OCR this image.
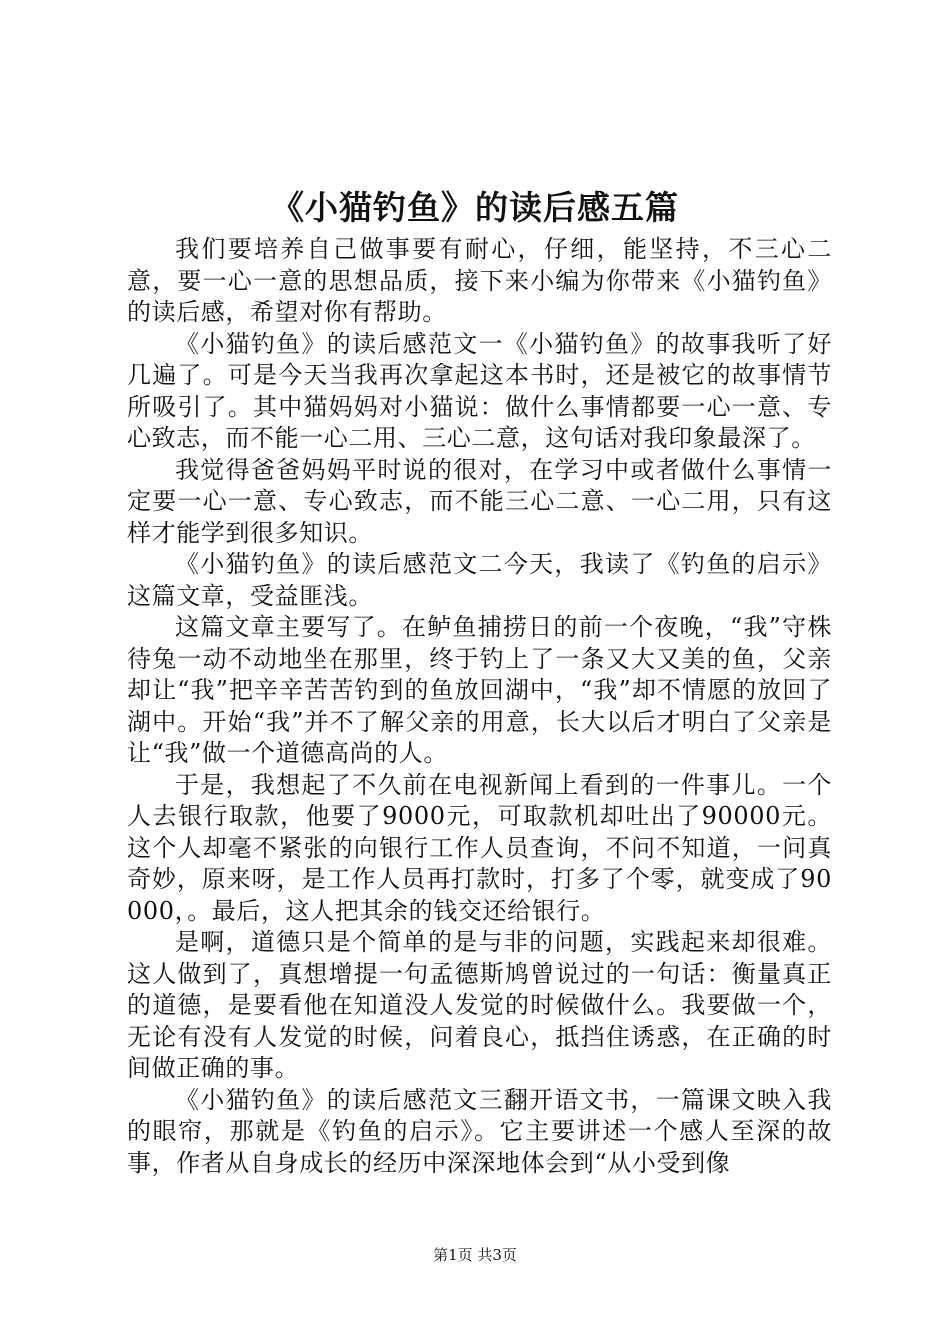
《小猫钓鱼》的读后感五篇

我们要培养自己做事要有耐心，仔细，能坚持，不三心二意，要一心一意的思想品质，接下来小编为你带来《小猫钓鱼》的读后感，希望对你有帮助。

《小猫钓鱼》的读后感范文一《小猫钓鱼》的故事我听了好几遍了。可是今天当我再次拿起这本书时，还是被它的故事情节所吸引了。其中猫妈妈对小猫说：做什么事情都要一心一意、专心致志，而不能一心二用、三心二意，这句话对我印象最深了。

我觉得爸爸妈妈平时说的很对，在学习中或者做什么事情一定要一心一意、专心致志，而不能三心二意、一心二用，只有这样才能学到很多知识。

《小猫钓鱼》的读后感范文二今天，我读了《钓鱼的启示》这篇文章，受益匪浅。

这篇文章主要写了。在鲈鱼捕捞日的前一个夜晚，“我”守株待兔一动不动地坐在那里，终于钓上了一条又大又美的鱼，父亲却让“我”把辛辛苦苦钓到的鱼放回湖中，“我”却不情愿的放回了湖中。开始“我”并不了解父亲的用意，长大以后才明白了父亲是让“我”做一个道德高尚的人。

于是，我想起了不久前在电视新闻上看到的一件事儿。一个人去银行取款，他要了9000元，可取款机却吐出了90000元。这个人却毫不紧张的向银行工作人员查询，不问不知道，一问真奇妙，原来呀，是工作人员再打款时，打多了个零，就变成了90000，。最后，这人把其余的钱交还给银行。

是啊，道德只是个简单的是与非的问题，实践起来却很难。这人做到了，真想增提一句孟德斯鸠曾说过的一句话：衡量真正的道德，是要看他在知道没人发觉的时候做什么。我要做一个，无论有没有人发觉的时候，问着良心，抵挡住诱惑，在正确的时间做正确的事。

《小猫钓鱼》的读后感范文三翻开语文书，一篇课文映入我的眼帘，那就是《钓鱼的启示》。它主要讲述一个感人至深的故事，作者从自身成长的经历中深深地体会到“从小受到像

第1页 共3页
